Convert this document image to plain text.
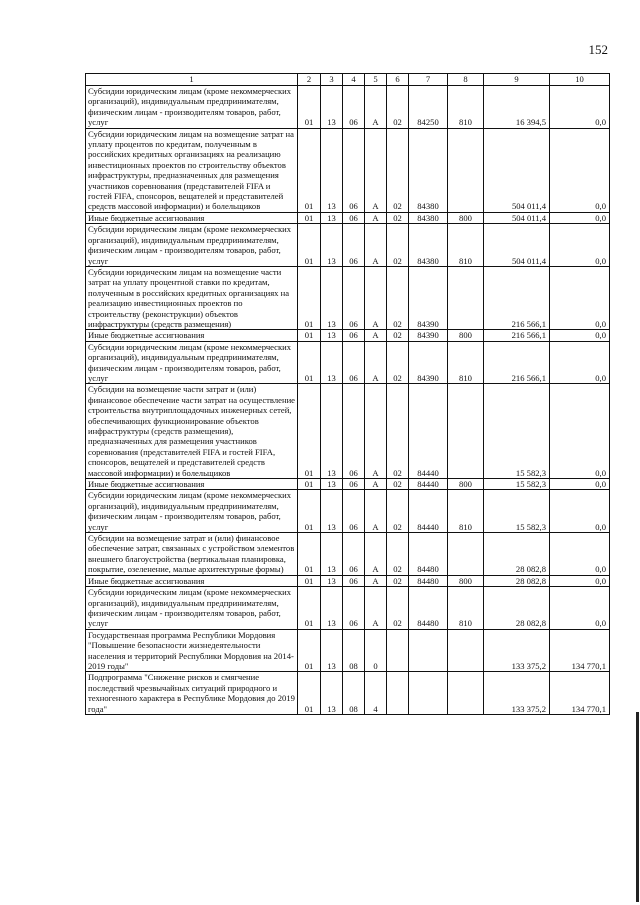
152
1	2	3	4	5	6	7	8	9	10
Субсидии юридическим лицам (кроме некоммерческих организаций), индивидуальным предпринимателям, физическим лицам - производителям товаров, работ, услуг	01	13	06	А	02	84250	810	16 394,5	0,0
Субсидии юридическим лицам на возмещение затрат на уплату процентов по кредитам, полученным в российских кредитных организациях на реализацию инвестиционных проектов по строительству объектов инфраструктуры, предназначенных для размещения участников соревнования (представителей FIFA и гостей FIFA, спонсоров, вещателей и представителей средств массовой информации) и болельщиков	01	13	06	А	02	84380		504 011,4	0,0
Иные бюджетные ассигнования	01	13	06	А	02	84380	800	504 011,4	0,0
Субсидии юридическим лицам (кроме некоммерческих организаций), индивидуальным предпринимателям, физическим лицам - производителям товаров, работ, услуг	01	13	06	А	02	84380	810	504 011,4	0,0
Субсидии юридическим лицам на возмещение части затрат на уплату процентной ставки по кредитам, полученным в российских кредитных организациях на реализацию инвестиционных проектов по строительству (реконструкции) объектов инфраструктуры (средств размещения)	01	13	06	А	02	84390		216 566,1	0,0
Иные бюджетные ассигнования	01	13	06	А	02	84390	800	216 566,1	0,0
Субсидии юридическим лицам (кроме некоммерческих организаций), индивидуальным предпринимателям, физическим лицам - производителям товаров, работ, услуг	01	13	06	А	02	84390	810	216 566,1	0,0
Субсидии на возмещение части затрат и (или) финансовое обеспечение части затрат на осуществление строительства внутриплощадочных инженерных сетей, обеспечивающих функционирование объектов инфраструктуры (средств размещения), предназначенных для размещения участников соревнования (представителей FIFA и гостей FIFA, спонсоров, вещателей и представителей средств массовой информации) и болельщиков	01	13	06	А	02	84440		15 582,3	0,0
Иные бюджетные ассигнования	01	13	06	А	02	84440	800	15 582,3	0,0
Субсидии юридическим лицам (кроме некоммерческих организаций), индивидуальным предпринимателям, физическим лицам - производителям товаров, работ, услуг	01	13	06	А	02	84440	810	15 582,3	0,0
Субсидии на возмещение затрат и (или) финансовое обеспечение затрат, связанных с устройством элементов внешнего благоустройства (вертикальная планировка, покрытие, озеленение, малые архитектурные формы)	01	13	06	А	02	84480		28 082,8	0,0
Иные бюджетные ассигнования	01	13	06	А	02	84480	800	28 082,8	0,0
Субсидии юридическим лицам (кроме некоммерческих организаций), индивидуальным предпринимателям, физическим лицам - производителям товаров, работ, услуг	01	13	06	А	02	84480	810	28 082,8	0,0
Государственная программа Республики Мордовия "Повышение безопасности жизнедеятельности населения и территорий Республики Мордовия на 2014-2019 годы"	01	13	08	0				133 375,2	134 770,1
Подпрограмма "Снижение рисков и смягчение последствий чрезвычайных ситуаций природного и техногенного характера в Республике Мордовия до 2019 года"	01	13	08	4				133 375,2	134 770,1
